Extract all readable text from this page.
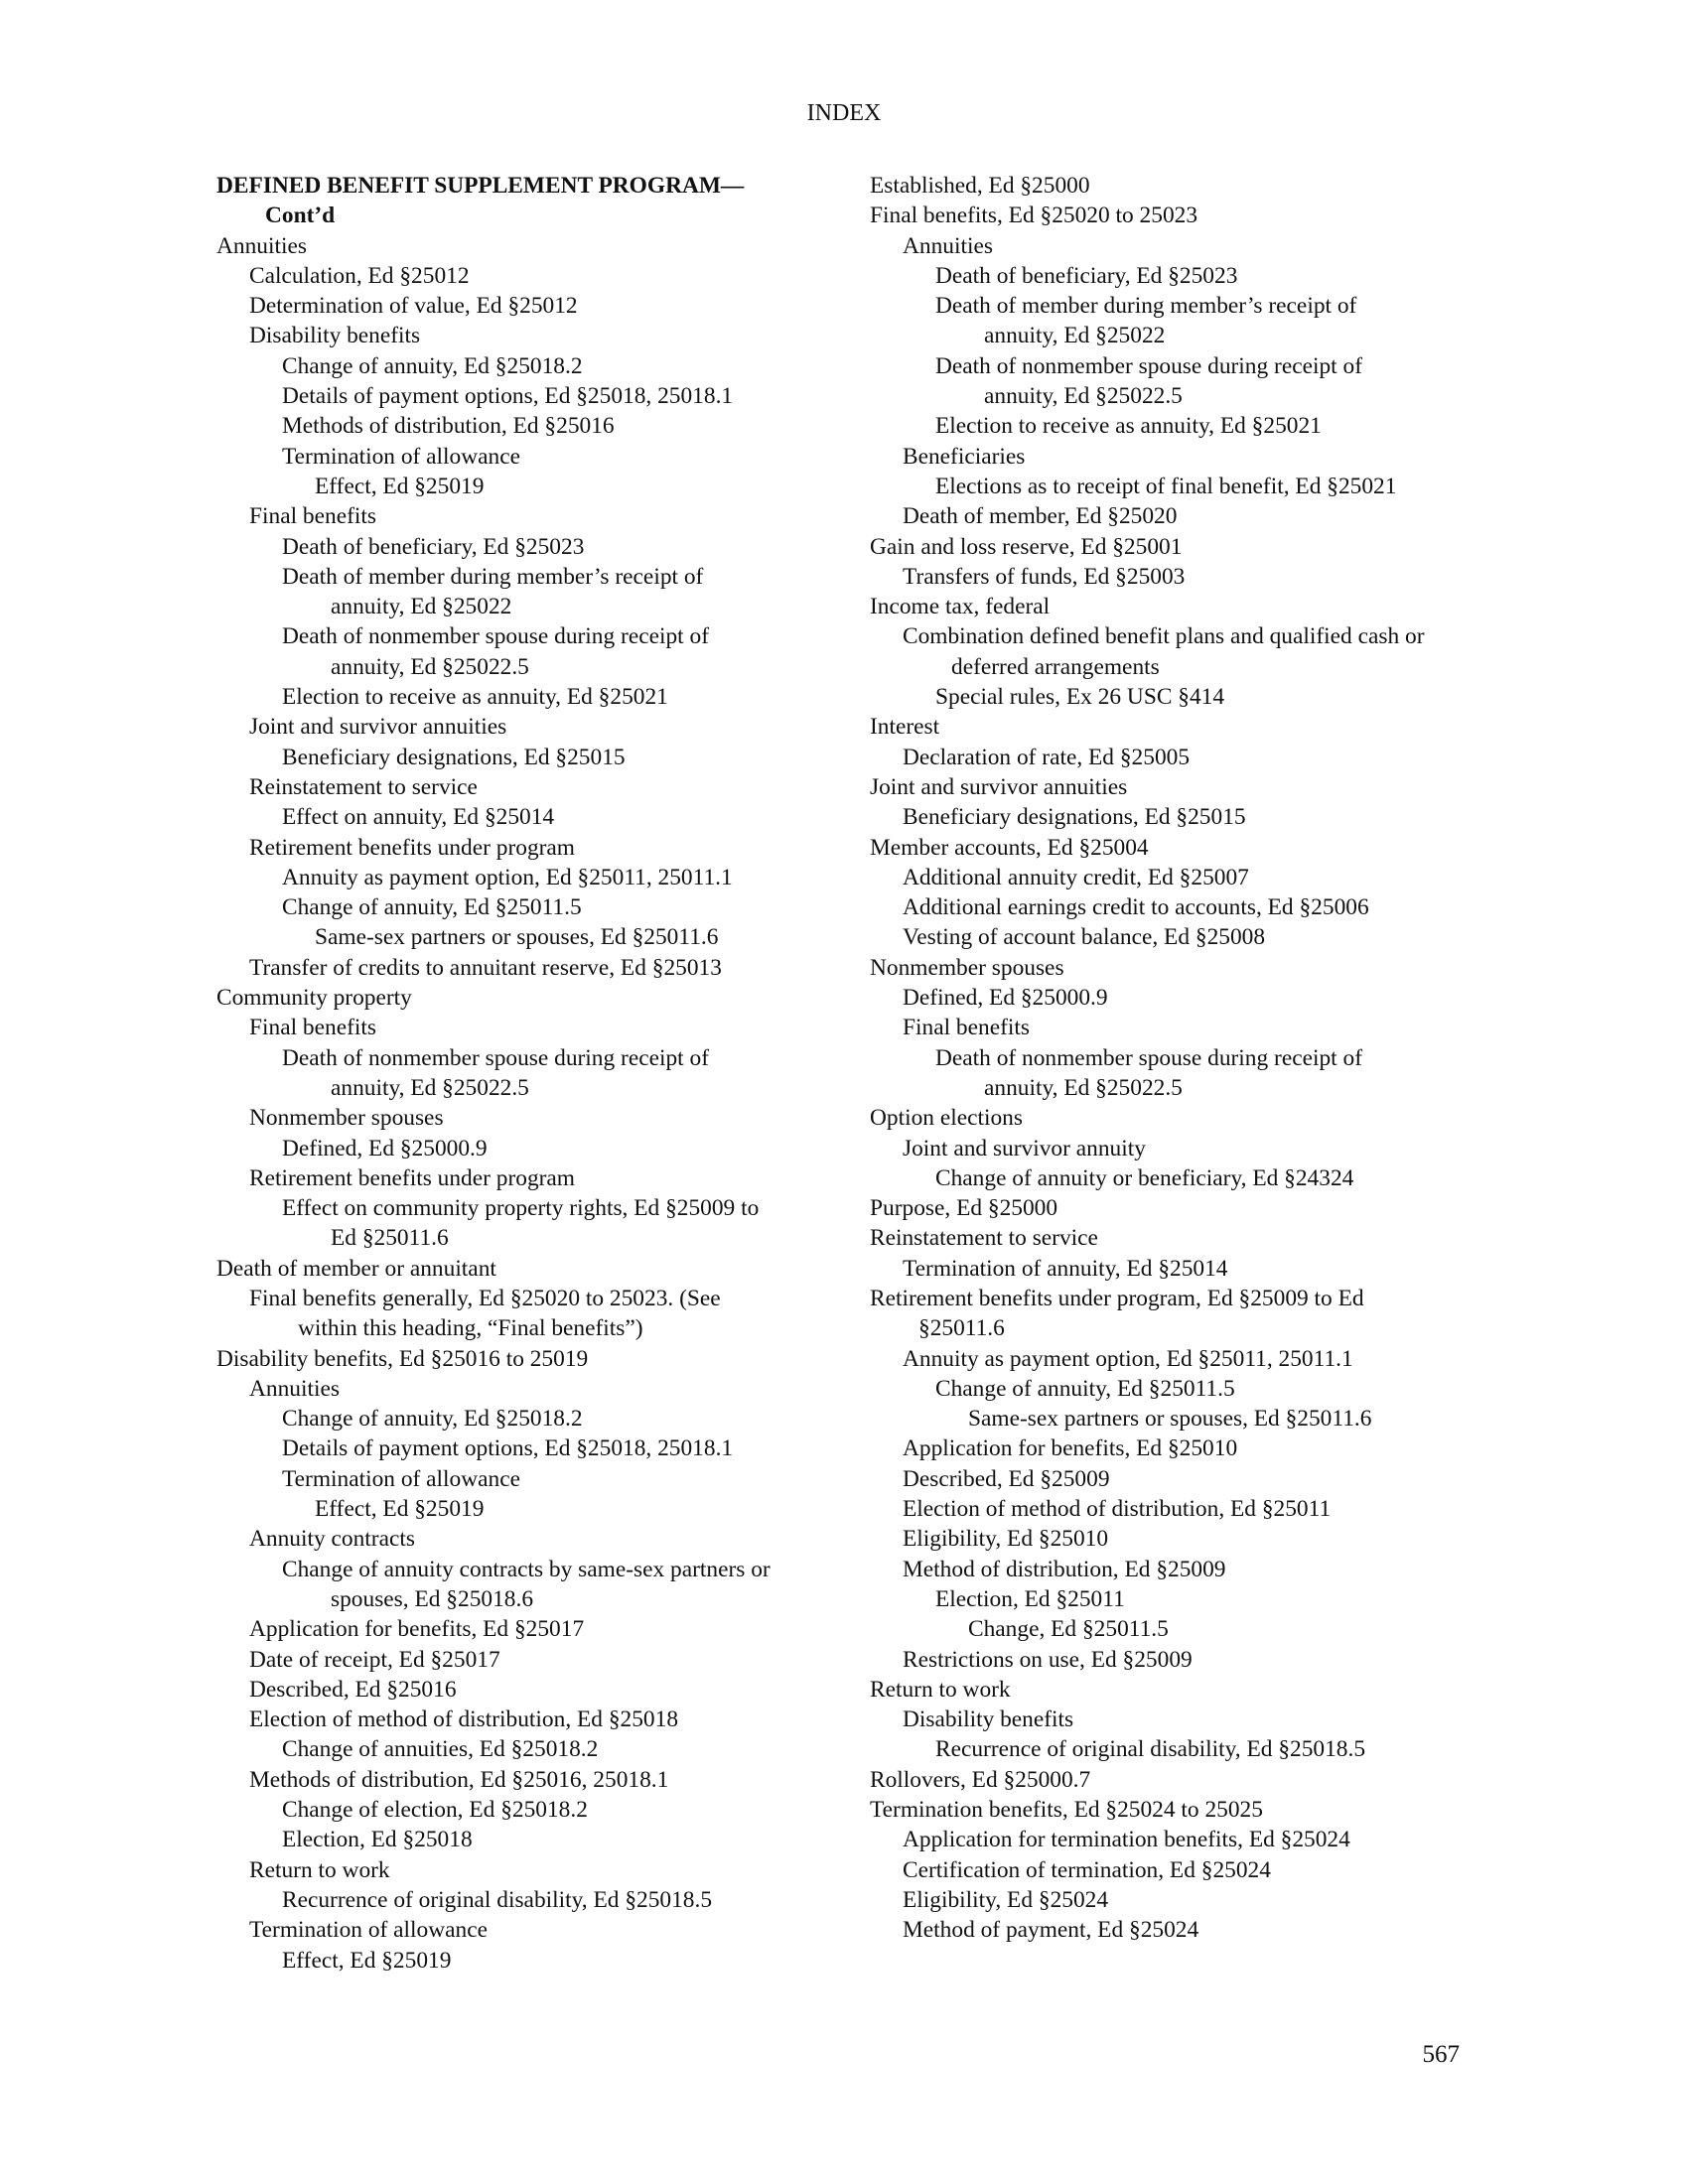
INDEX
DEFINED BENEFIT SUPPLEMENT PROGRAM—
Cont’d
Annuities
Calculation, Ed §25012
Determination of value, Ed §25012
Disability benefits
Change of annuity, Ed §25018.2
Details of payment options, Ed §25018, 25018.1
Methods of distribution, Ed §25016
Termination of allowance
Effect, Ed §25019
Final benefits
Death of beneficiary, Ed §25023
Death of member during member’s receipt of
annuity, Ed §25022
Death of nonmember spouse during receipt of
annuity, Ed §25022.5
Election to receive as annuity, Ed §25021
Joint and survivor annuities
Beneficiary designations, Ed §25015
Reinstatement to service
Effect on annuity, Ed §25014
Retirement benefits under program
Annuity as payment option, Ed §25011, 25011.1
Change of annuity, Ed §25011.5
Same-sex partners or spouses, Ed §25011.6
Transfer of credits to annuitant reserve, Ed §25013
Community property
Final benefits
Death of nonmember spouse during receipt of
annuity, Ed §25022.5
Nonmember spouses
Defined, Ed §25000.9
Retirement benefits under program
Effect on community property rights, Ed §25009 to
Ed §25011.6
Death of member or annuitant
Final benefits generally, Ed §25020 to 25023. (See
within this heading, “Final benefits”)
Disability benefits, Ed §25016 to 25019
Annuities
Change of annuity, Ed §25018.2
Details of payment options, Ed §25018, 25018.1
Termination of allowance
Effect, Ed §25019
Annuity contracts
Change of annuity contracts by same-sex partners or
spouses, Ed §25018.6
Application for benefits, Ed §25017
Date of receipt, Ed §25017
Described, Ed §25016
Election of method of distribution, Ed §25018
Change of annuities, Ed §25018.2
Methods of distribution, Ed §25016, 25018.1
Change of election, Ed §25018.2
Election, Ed §25018
Return to work
Recurrence of original disability, Ed §25018.5
Termination of allowance
Effect, Ed §25019
Established, Ed §25000
Final benefits, Ed §25020 to 25023
Annuities
Death of beneficiary, Ed §25023
Death of member during member’s receipt of
annuity, Ed §25022
Death of nonmember spouse during receipt of
annuity, Ed §25022.5
Election to receive as annuity, Ed §25021
Beneficiaries
Elections as to receipt of final benefit, Ed §25021
Death of member, Ed §25020
Gain and loss reserve, Ed §25001
Transfers of funds, Ed §25003
Income tax, federal
Combination defined benefit plans and qualified cash or
deferred arrangements
Special rules, Ex 26 USC §414
Interest
Declaration of rate, Ed §25005
Joint and survivor annuities
Beneficiary designations, Ed §25015
Member accounts, Ed §25004
Additional annuity credit, Ed §25007
Additional earnings credit to accounts, Ed §25006
Vesting of account balance, Ed §25008
Nonmember spouses
Defined, Ed §25000.9
Final benefits
Death of nonmember spouse during receipt of
annuity, Ed §25022.5
Option elections
Joint and survivor annuity
Change of annuity or beneficiary, Ed §24324
Purpose, Ed §25000
Reinstatement to service
Termination of annuity, Ed §25014
Retirement benefits under program, Ed §25009 to Ed
§25011.6
Annuity as payment option, Ed §25011, 25011.1
Change of annuity, Ed §25011.5
Same-sex partners or spouses, Ed §25011.6
Application for benefits, Ed §25010
Described, Ed §25009
Election of method of distribution, Ed §25011
Eligibility, Ed §25010
Method of distribution, Ed §25009
Election, Ed §25011
Change, Ed §25011.5
Restrictions on use, Ed §25009
Return to work
Disability benefits
Recurrence of original disability, Ed §25018.5
Rollovers, Ed §25000.7
Termination benefits, Ed §25024 to 25025
Application for termination benefits, Ed §25024
Certification of termination, Ed §25024
Eligibility, Ed §25024
Method of payment, Ed §25024
567
